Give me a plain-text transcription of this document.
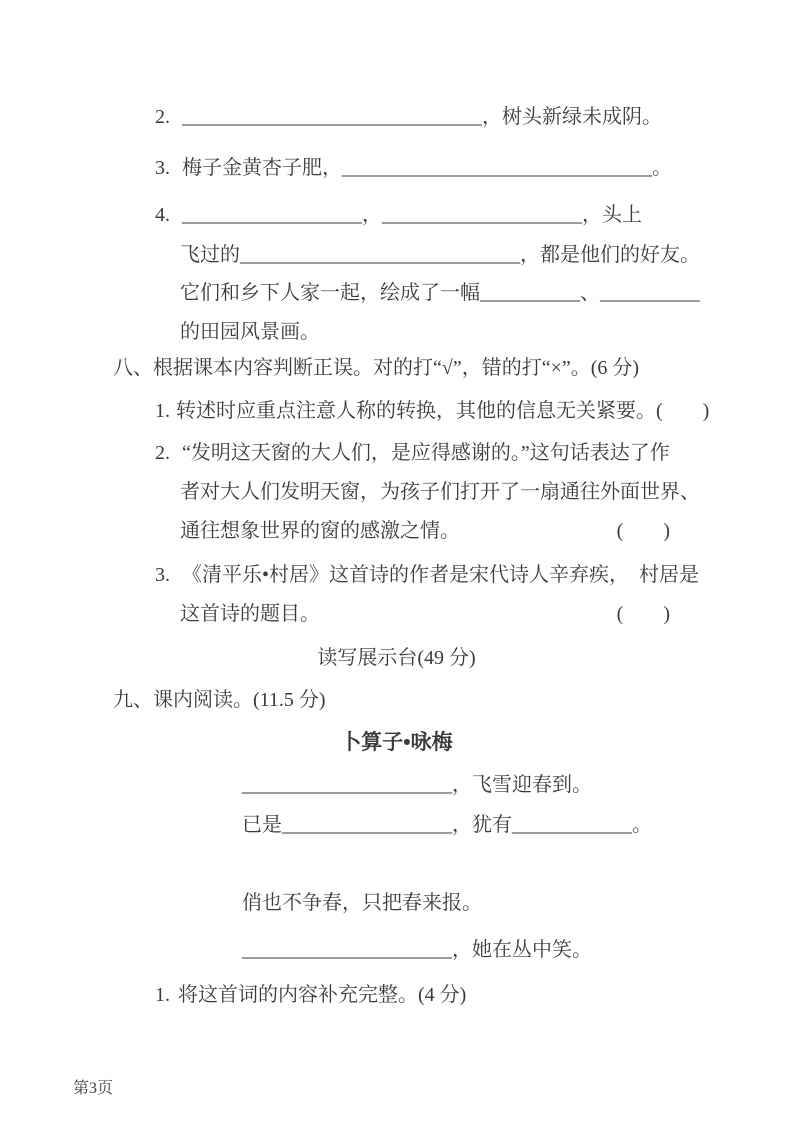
2. ______________________________，树头新绿未成阴。
3. 梅子金黄杏子肥，_______________________________。
4. __________________，____________________，头上
飞过的____________________________，都是他们的好友。
它们和乡下人家一起，绘成了一幅__________、__________
的田园风景画。
八、根据课本内容判断正误。对的打“√”，错的打“×”。(6 分)
1. 转述时应重点注意人称的转换，其他的信息无关紧要。(　　)
2. “发明这天窗的大人们，是应得感谢的。”这句话表达了作
者对大人们发明天窗，为孩子们打开了一扇通往外面世界、
通往想象世界的窗的感激之情。	(　　)
3. 《清平乐•村居》这首诗的作者是宋代诗人辛弃疾，　村居是
这首诗的题目。	(　　)
读写展示台(49 分)
九、课内阅读。(11.5 分)
卜算子•咏梅
_____________________，飞雪迎春到。
已是_________________，犹有____________。
俏也不争春，只把春来报。
_____________________，她在丛中笑。
1. 将这首词的内容补充完整。(4 分)
第3页
